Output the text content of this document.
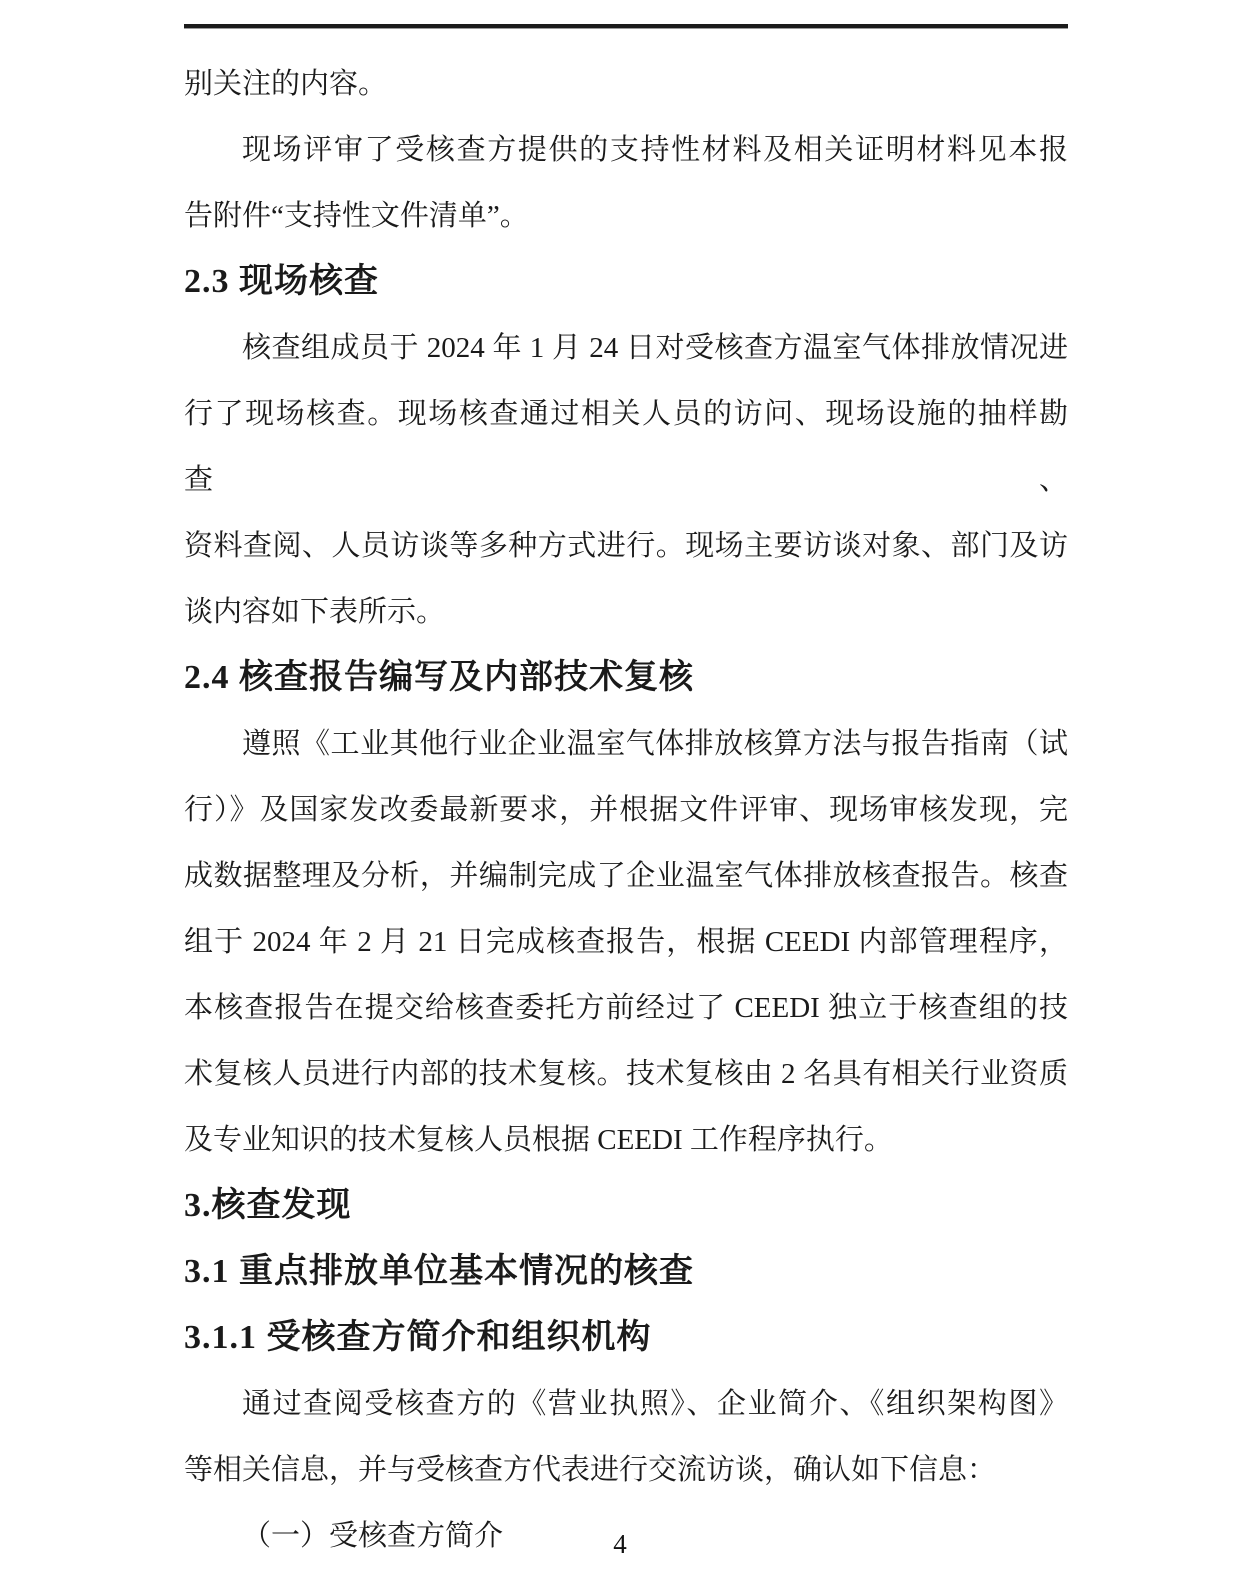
别关注的内容。
现场评审了受核查方提供的支持性材料及相关证明材料见本报
告附件“支持性文件清单”。
2.3 现场核查
核查组成员于 2024 年 1 月 24 日对受核查方温室气体排放情况进
行了现场核查。现场核查通过相关人员的访问、现场设施的抽样勘查、
资料查阅、人员访谈等多种方式进行。现场主要访谈对象、部门及访
谈内容如下表所示。
2.4 核查报告编写及内部技术复核
遵照《工业其他行业企业温室气体排放核算方法与报告指南（试
行）》及国家发改委最新要求，并根据文件评审、现场审核发现，完
成数据整理及分析，并编制完成了企业温室气体排放核查报告。核查
组于 2024 年 2 月 21 日完成核查报告，根据 CEEDI 内部管理程序，
本核查报告在提交给核查委托方前经过了 CEEDI 独立于核查组的技
术复核人员进行内部的技术复核。技术复核由 2 名具有相关行业资质
及专业知识的技术复核人员根据 CEEDI 工作程序执行。
3.核查发现
3.1 重点排放单位基本情况的核查
3.1.1 受核查方简介和组织机构
通过查阅受核查方的《营业执照》、企业简介、《组织架构图》
等相关信息，并与受核查方代表进行交流访谈，确认如下信息：
（一）受核查方简介	4
